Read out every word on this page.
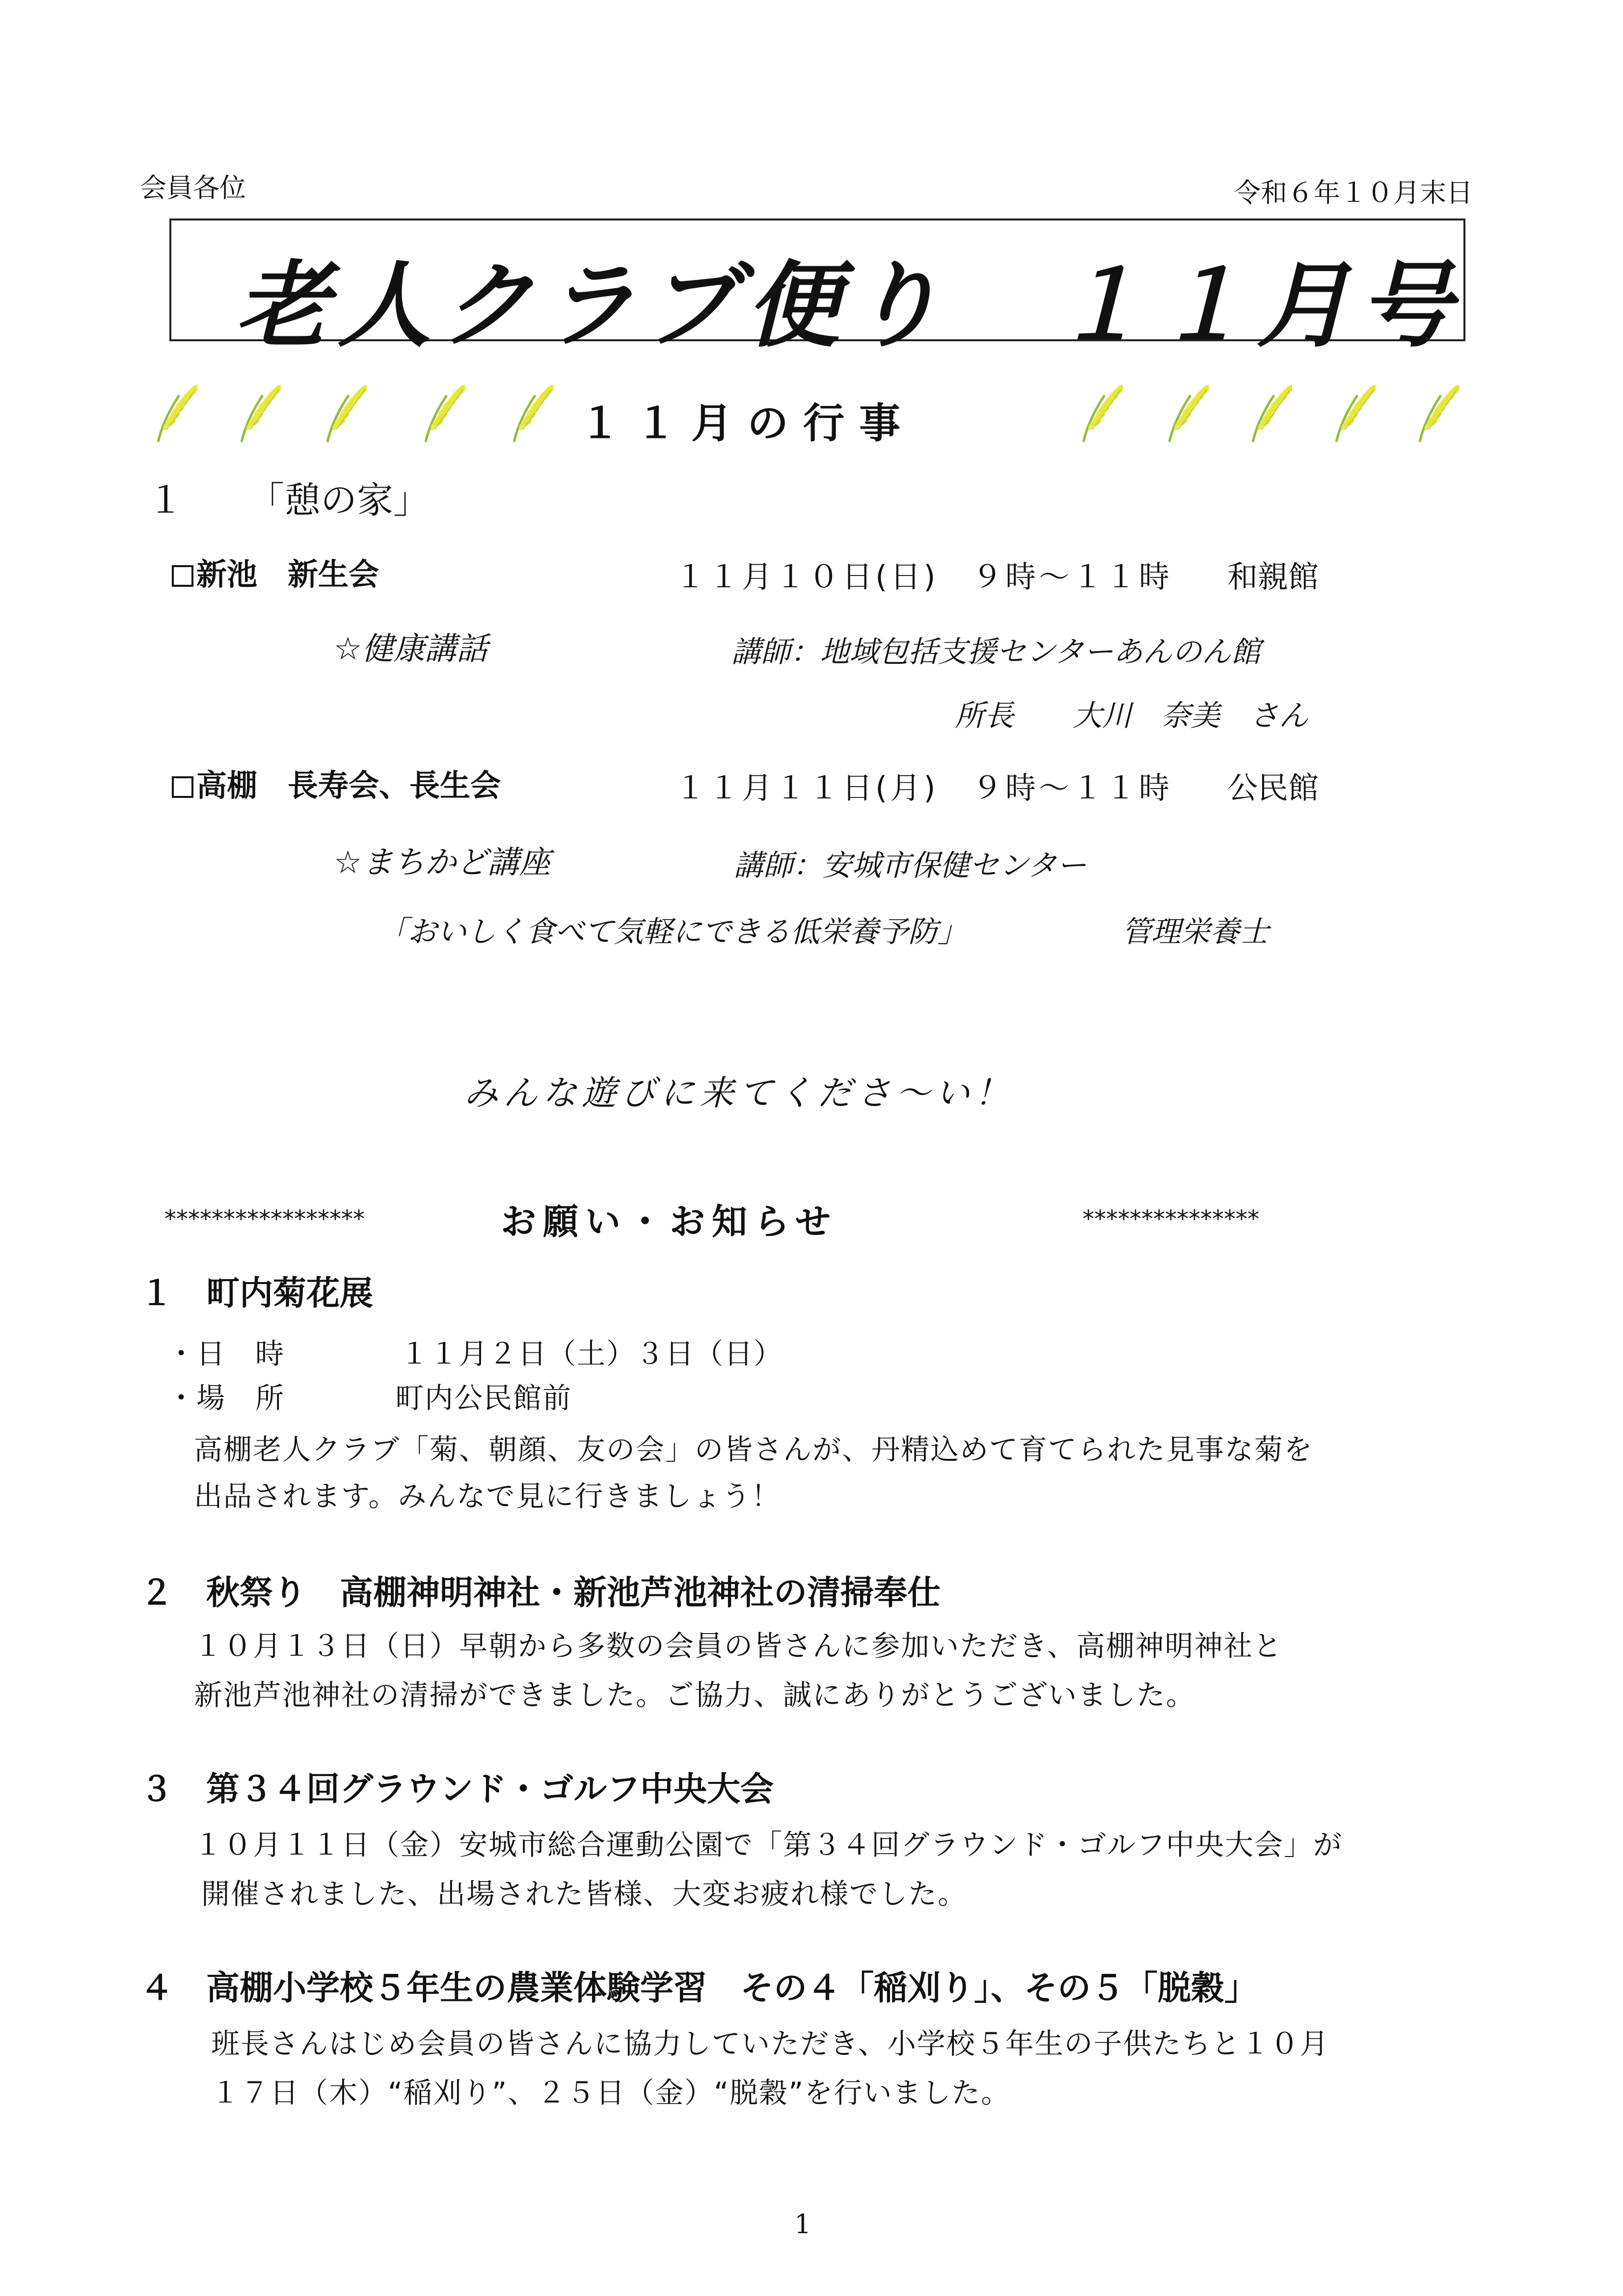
会員各位	令和６年１０月末日
老人クラブ便り　１１月号
１１月の行事
１ 「憩の家」
新池　 新生会	１１月１０日(日) ９時～１１時 和親館
☆健康講話	講師：地域包括支援センターあんのん館
所長　　大川　奈美　さん
高棚　 長寿会、長生会	１１月１１日(月) ９時～１１時 公民館
☆まちかど講座	講師：安城市保健センター
「おいしく食べて気軽にできる低栄養予防」	管理栄養士
みんな遊びに来てくださ～い！
*****************	お願い・お知らせ	***************
１ 町内菊花展
・日　時	１１月２日（土）３日（日）
・場　所	町内公民館前
高棚老人クラブ「菊、朝顔、友の会」の皆さんが、丹精込めて育てられた見事な菊を
出品されます。みんなで見に行きましょう！
２ 秋祭り　高棚神明神社・新池芦池神社の清掃奉仕
１０月１３日（日）早朝から多数の会員の皆さんに参加いただき、高棚神明神社と
新池芦池神社の清掃ができました。ご協力、誠にありがとうございました。
３ 第３４回グラウンド・ゴルフ中央大会
１０月１１日（金）安城市総合運動公園で「第３４回グラウンド・ゴルフ中央大会」が
開催されました、出場された皆様、大変お疲れ様でした。
４ 高棚小学校５年生の農業体験学習　その４「稲刈り」、その５「脱穀」
班長さんはじめ会員の皆さんに協力していただき、小学校５年生の子供たちと１０月
１７日（木）“稲刈り”、２５日（金）“脱穀”を行いました。
1
